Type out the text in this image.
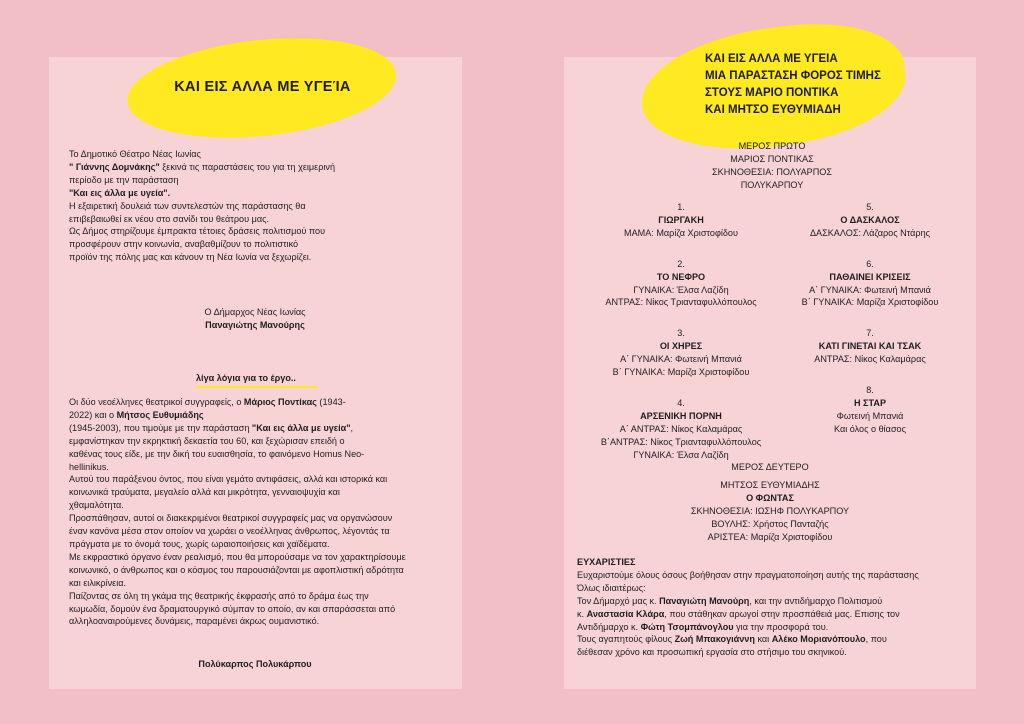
ΚΑΙ ΕΙΣ ΑΛΛΑ ΜΕ ΥΓΕΊΑ
ΚΑΙ ΕΙΣ ΑΛΛΑ ΜΕ ΥΓΕΙΑ
ΜΙΑ ΠΑΡΑΣΤΑΣΗ ΦΟΡΟΣ ΤΙΜΗΣ
ΣΤΟΥΣ ΜΑΡΙΟ ΠΟΝΤΙΚΑ
ΚΑΙ ΜΗΤΣΟ ΕΥΘΥΜΙΑΔΗ

Το Δημοτικό Θέατρο Νέας Ιωνίας

" Γιάννης Δομνάκης" ξεκινά τις παραστάσεις του για τη χειμερινή

περίοδο με την παράσταση

"Και εις άλλα με υγεία".

Η εξαιρετική δουλειά των συντελεστών της παράστασης θα

επιβεβαιωθεί εκ νέου στο σανίδι του θεάτρου μας.

Ως Δήμος στηρίζουμε έμπρακτα τέτοιες δράσεις πολιτισμού που

προσφέρουν στην κοινωνία, αναβαθμίζουν το πολιτιστικό

προϊόν της πόλης μας και κάνουν τη Νέα Ιωνία να ξεχωρίζει.

Ο Δήμαρχος Νέας Ιωνίας

Παναγιώτης Μανούρης

λίγα λόγια για το έργο..

Οι δύο νεοέλληνες θεατρικοί συγγραφείς, ο Μάριος Ποντίκας (1943-

2022) και ο Μήτσος Ευθυμιάδης

(1945-2003), που τιμούμε με την παράσταση "Και εις άλλα με υγεία",

εμφανίστηκαν την εκρηκτική δεκαετία του 60, και ξεχώρισαν επειδή ο

καθένας τους είδε, με την δική του ευαισθησία, το φαινόμενο Homus Neo-

hellinikus.

Αυτού του παράξενου όντος, που είναι γεμάτο αντιφάσεις, αλλά και ιστορικά και

κοινωνικά τραύματα, μεγαλείο αλλά και μικρότητα, γενναιοψυχία και

χθαμαλότητα.

Προσπάθησαν, αυτοί οι διακεκριμένοι θεατρικοί συγγραφείς μας να οργανώσουν

έναν κανόνα μέσα στον οποίον να χωράει ο νεοέλληνας άνθρωπος, λέγοντάς τα

πράγματα με το όνομά τους, χωρίς ωραιοποιήσεις και χαϊδέματα.

Με εκφραστικό όργανο έναν ρεαλισμό, που θα μπορούσαμε να τον χαρακτηρίσουμε

κοινωνικό, ο άνθρωπος και ο κόσμος του παρουσιάζονται με αφοπλιστική αδρότητα

και ειλικρίνεια.

Παίζοντας σε όλη τη γκάμα της θεατρικής έκφρασής από το δράμα έως την

κωμωδία, δομούν ένα δραματουργικό σύμπαν το οποίο, αν και σπαράσσεται από

αλληλοαναιρούμενες δυνάμεις, παραμένει άκρως ουμανιστικό.

Πολύκαρπος Πολυκάρπου

ΜΕΡΟΣ ΠΡΩΤΟ

ΜΑΡΙΟΣ ΠΟΝΤΙΚΑΣ

ΣΚΗΝΟΘΕΣΙΑ: ΠΟΛΥΑΡΠΟΣ

ΠΟΛΥΚΑΡΠΟΥ

1.

ΓΙΩΡΓΑΚΗ

ΜΑΜΑ: Μαρίζα Χριστοφίδου

2.

ΤΟ ΝΕΦΡΟ

ΓΥΝΑΙΚΑ: Έλσα Λαζίδη

ΑΝΤΡΑΣ: Νίκος Τριανταφυλλόπουλος

3.

ΟΙ ΧΗΡΕΣ

Α΄ ΓΥΝΑΙΚΑ: Φωτεινή Μπανιά

Β΄ ΓΥΝΑΙΚΑ: Μαρίζα Χριστοφίδου

4.

ΑΡΣΕΝΙΚΗ ΠΟΡΝΗ

Α΄ ΑΝΤΡΑΣ: Νίκος Καλαμάρας

Β΄ΑΝΤΡΑΣ: Νίκος Τριανταφυλλόπουλος

ΓΥΝΑΙΚΑ: Έλσα Λαζίδη

5.

Ο ΔΑΣΚΑΛΟΣ

ΔΑΣΚΑΛΟΣ: Λάζαρος Ντάρης

6.

ΠΑΘΑΙΝΕΙ ΚΡΙΣΕΙΣ

Α΄ ΓΥΝΑΙΚΑ: Φωτεινή Μπανιά

Β΄ ΓΥΝΑΙΚΑ: Μαρίζα Χριστοφίδου

7.

ΚΑΤΙ ΓΙΝΕΤΑΙ ΚΑΙ ΤΣΑΚ

ΑΝΤΡΑΣ: Νίκος Καλαμάρας

8.

Η ΣΤΑΡ

Φωτεινή Μπανιά

Και όλος ο θίασος

ΜΕΡΟΣ ΔΕΥΤΕΡΟ

ΜΗΤΣΟΣ ΕΥΘΥΜΙΑΔΗΣ

Ο ΦΩΝΤΑΣ

ΣΚΗΝΟΘΕΣΙΑ: ΙΩΣΗΦ ΠΟΛΥΚΑΡΠΟΥ

ΒΟΥΛΗΣ: Χρήστος Πανταζής

ΑΡΙΣΤΕΑ: Μαρίζα Χριστοφίδου

ΕΥΧΑΡΙΣΤΙΕΣ

Ευχαριστούμε όλους όσους βοήθησαν στην πραγματοποίηση αυτής της παράστασης

Όλως ιδιαιτέρως:

Τον Δήμαρχό μας κ. Παναγιώτη Μανούρη, και την αντιδήμαρχο Πολιτισμού

κ. Αναστασία Κλάρα, που στάθηκαν αρωγοί στην προσπάθειά μας. Επισης τον

Αντιδήμαρχο κ. Φώτη Τσομπάνογλου για την προσφορά του.

Τους αγαπητούς φίλους Ζωή Μπακογιάννη και Αλέκο Μοριανόπουλο, που

διέθεσαν χρόνο και προσωπική εργασία στο στήσιμο του σκηνικού.
